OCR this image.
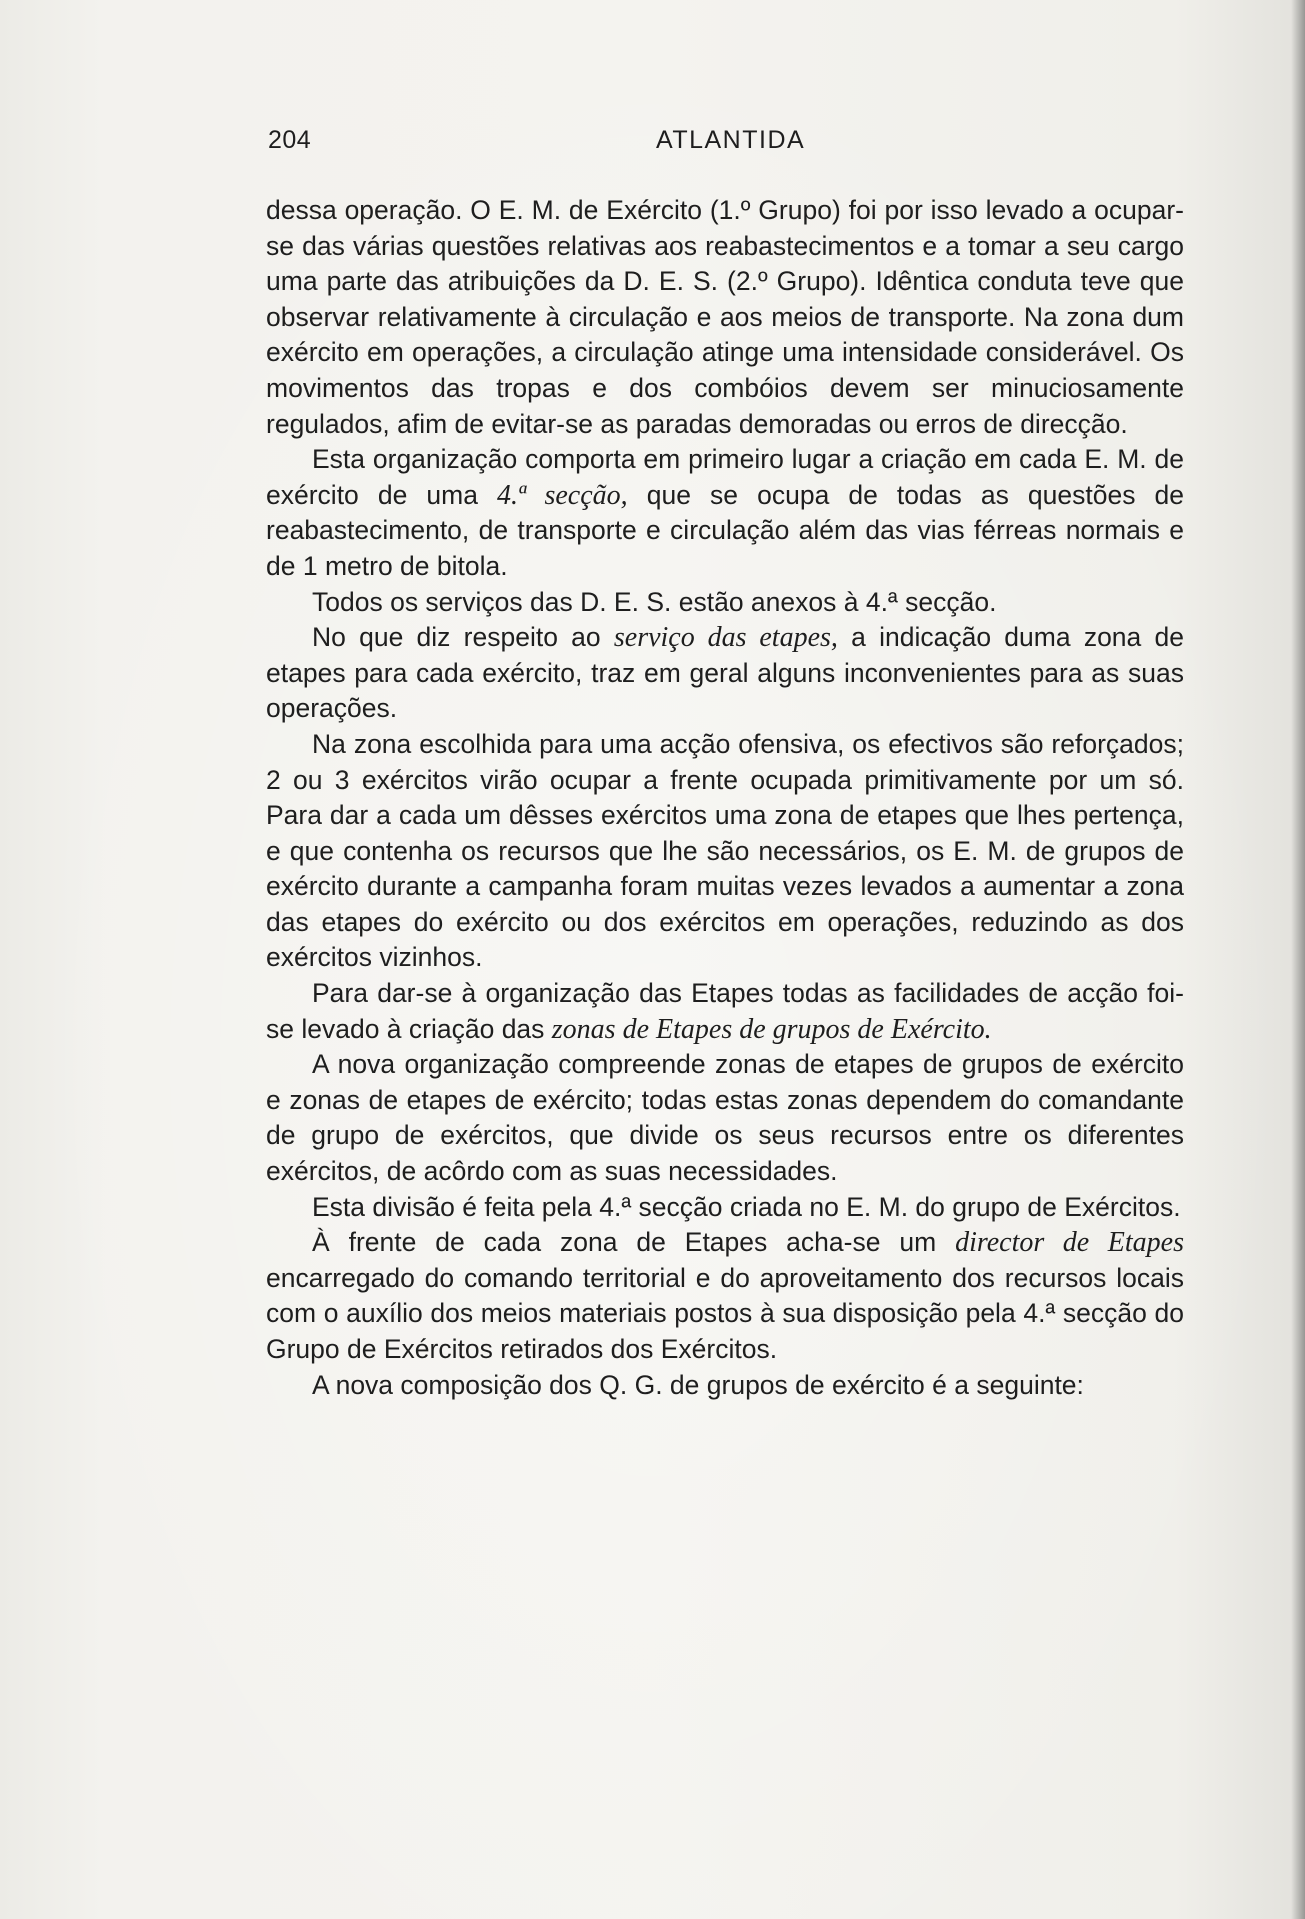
204	ATLANTIDA

dessa operação. O E. M. de Exército (1.º Grupo) foi por isso levado a ocupar-se das várias questões relativas aos reabastecimentos e a tomar a seu cargo uma parte das atribuições da D. E. S. (2.º Grupo). Idêntica conduta teve que observar relativamente à circulação e aos meios de transporte. Na zona dum exército em operações, a circulação atinge uma intensidade considerável. Os movimentos das tropas e dos combóios devem ser minuciosamente regulados, afim de evitar-se as paradas demoradas ou erros de direcção.

Esta organização comporta em primeiro lugar a criação em cada E. M. de exército de uma 4.ª secção, que se ocupa de todas as questões de reabastecimento, de transporte e circulação além das vias férreas normais e de 1 metro de bitola.

Todos os serviços das D. E. S. estão anexos à 4.ª secção.

No que diz respeito ao serviço das etapes, a indicação duma zona de etapes para cada exército, traz em geral alguns inconvenientes para as suas operações.

Na zona escolhida para uma acção ofensiva, os efectivos são reforçados; 2 ou 3 exércitos virão ocupar a frente ocupada primitivamente por um só. Para dar a cada um dêsses exércitos uma zona de etapes que lhes pertença, e que contenha os recursos que lhe são necessários, os E. M. de grupos de exército durante a campanha foram muitas vezes levados a aumentar a zona das etapes do exército ou dos exércitos em operações, reduzindo as dos exércitos vizinhos.

Para dar-se à organização das Etapes todas as facilidades de acção foi-se levado à criação das zonas de Etapes de grupos de Exército.

A nova organização compreende zonas de etapes de grupos de exército e zonas de etapes de exército; todas estas zonas dependem do comandante de grupo de exércitos, que divide os seus recursos entre os diferentes exércitos, de acôrdo com as suas necessidades.

Esta divisão é feita pela 4.ª secção criada no E. M. do grupo de Exércitos.

À frente de cada zona de Etapes acha-se um director de Etapes encarregado do comando territorial e do aproveitamento dos recursos locais com o auxílio dos meios materiais postos à sua disposição pela 4.ª secção do Grupo de Exércitos retirados dos Exércitos.

A nova composição dos Q. G. de grupos de exército é a seguinte:
